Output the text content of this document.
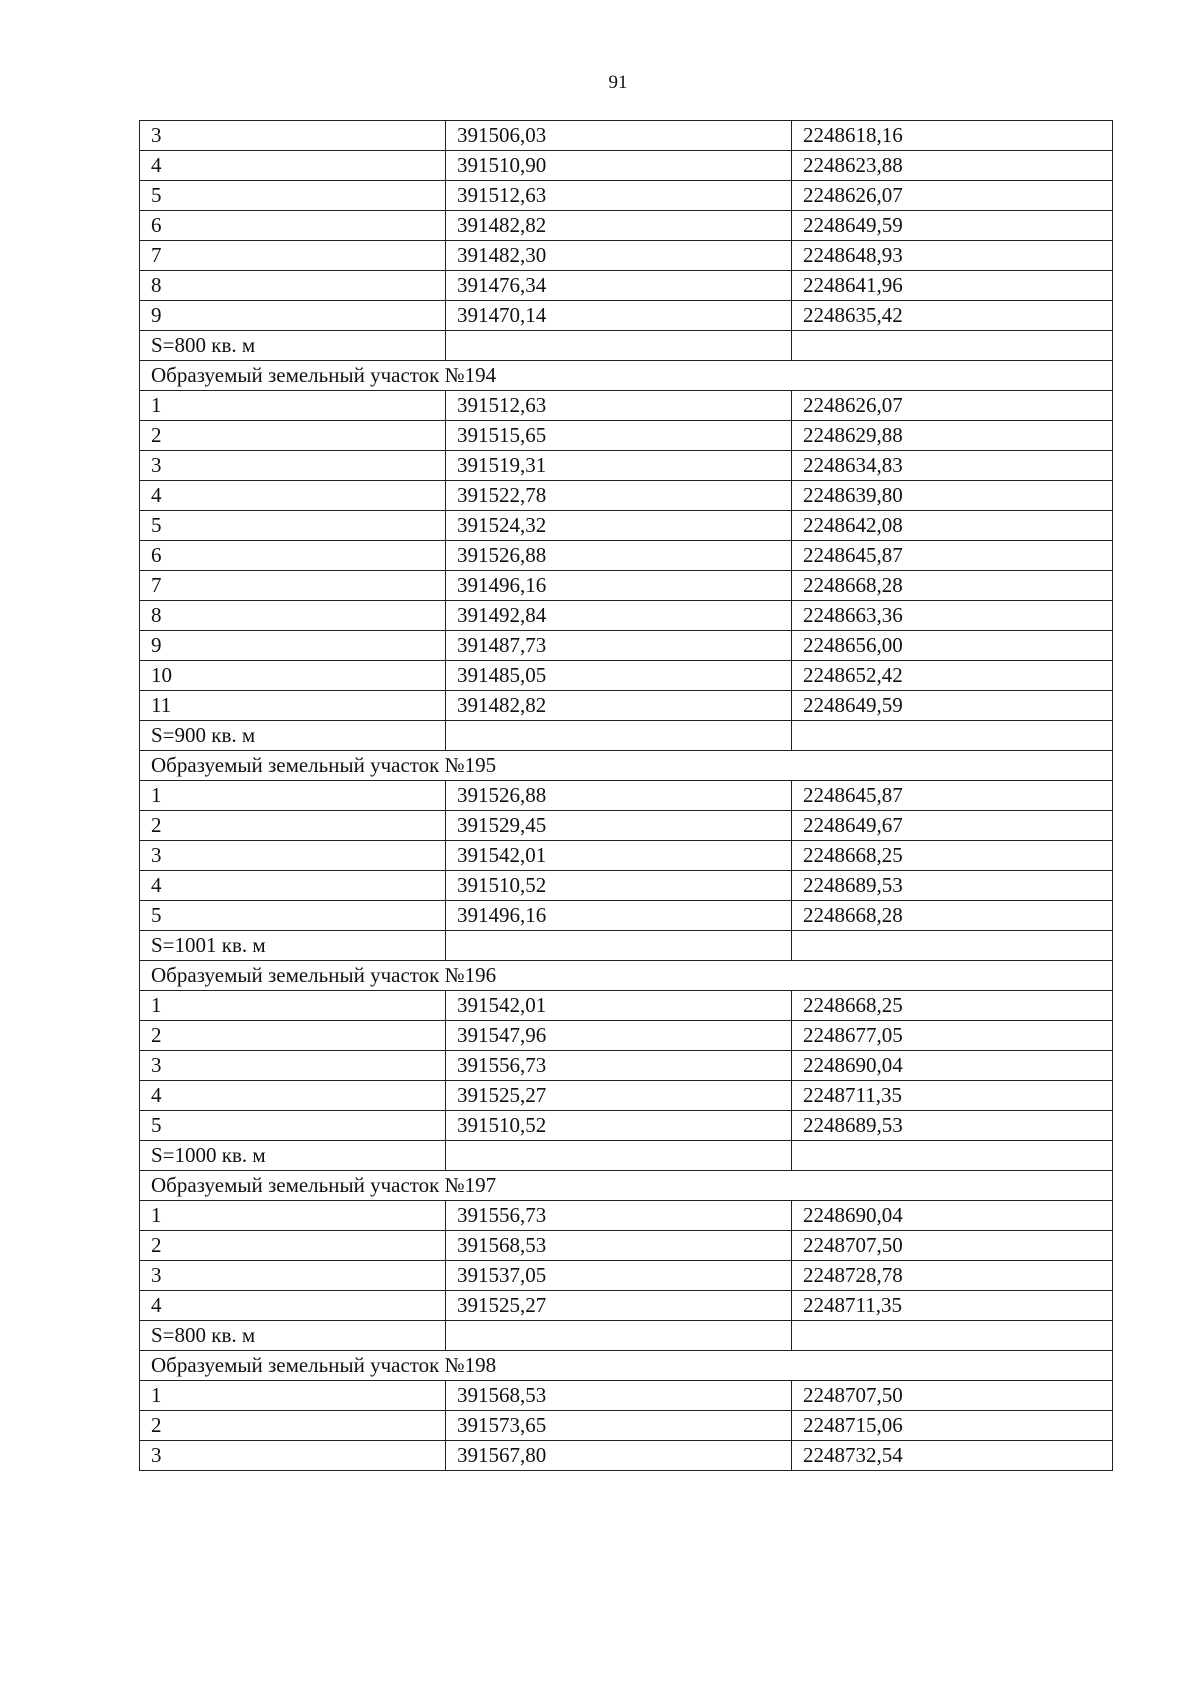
91
3	391506,03	2248618,16
4	391510,90	2248623,88
5	391512,63	2248626,07
6	391482,82	2248649,59
7	391482,30	2248648,93
8	391476,34	2248641,96
9	391470,14	2248635,42
S=800 кв. м		
Образуемый земельный участок №194		
1	391512,63	2248626,07
2	391515,65	2248629,88
3	391519,31	2248634,83
4	391522,78	2248639,80
5	391524,32	2248642,08
6	391526,88	2248645,87
7	391496,16	2248668,28
8	391492,84	2248663,36
9	391487,73	2248656,00
10	391485,05	2248652,42
11	391482,82	2248649,59
S=900 кв. м		
Образуемый земельный участок №195		
1	391526,88	2248645,87
2	391529,45	2248649,67
3	391542,01	2248668,25
4	391510,52	2248689,53
5	391496,16	2248668,28
S=1001 кв. м		
Образуемый земельный участок №196		
1	391542,01	2248668,25
2	391547,96	2248677,05
3	391556,73	2248690,04
4	391525,27	2248711,35
5	391510,52	2248689,53
S=1000 кв. м		
Образуемый земельный участок №197		
1	391556,73	2248690,04
2	391568,53	2248707,50
3	391537,05	2248728,78
4	391525,27	2248711,35
S=800 кв. м		
Образуемый земельный участок №198		
1	391568,53	2248707,50
2	391573,65	2248715,06
3	391567,80	2248732,54
